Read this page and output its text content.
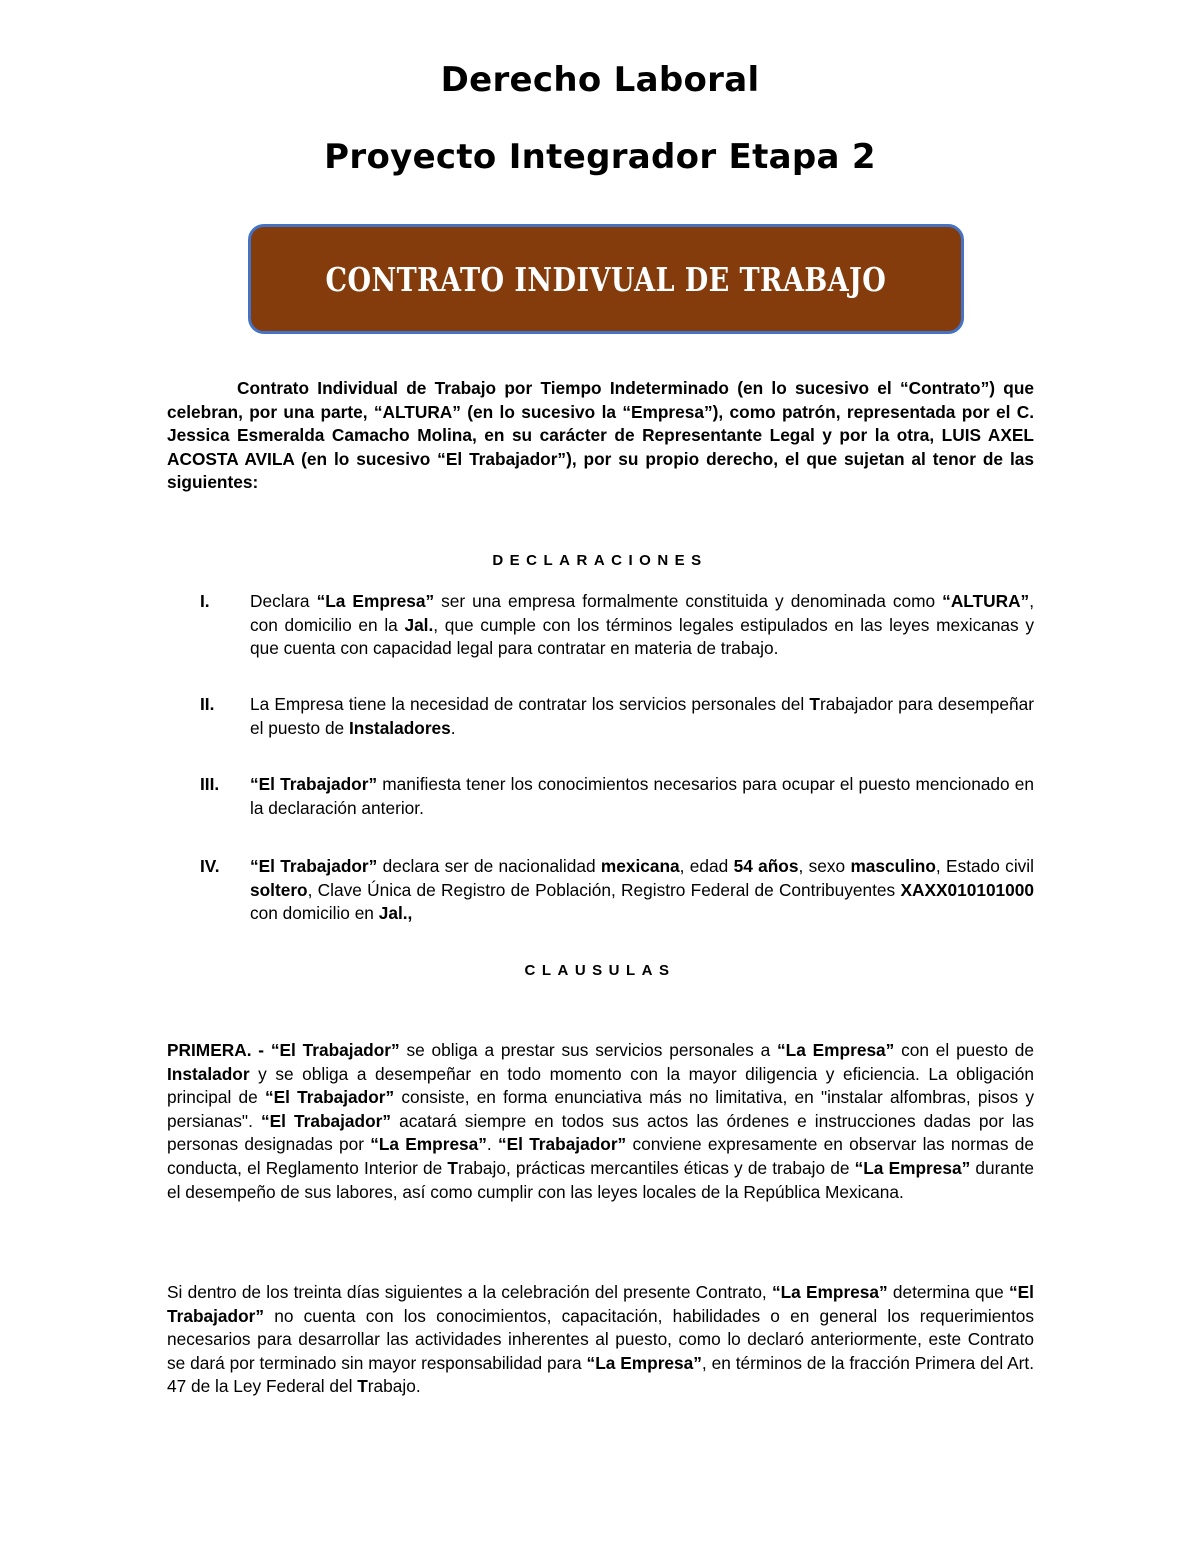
Derecho Laboral
Proyecto Integrador Etapa 2
CONTRATO INDIVUAL DE TRABAJO
Contrato Individual de Trabajo por Tiempo Indeterminado (en lo sucesivo el “Contrato”) que celebran, por una parte, “ALTURA” (en lo sucesivo la “Empresa”), como patrón, representada por el C. Jessica Esmeralda Camacho Molina, en su carácter de Representante Legal y por la otra, LUIS AXEL ACOSTA AVILA (en lo sucesivo “El Trabajador”), por su propio derecho, el que sujetan al tenor de las siguientes:
DECLARACIONES
I. Declara “La Empresa” ser una empresa formalmente constituida y denominada como “ALTURA”, con domicilio en la Jal., que cumple con los términos legales estipulados en las leyes mexicanas y que cuenta con capacidad legal para contratar en materia de trabajo.
II. La Empresa tiene la necesidad de contratar los servicios personales del Trabajador para desempeñar el puesto de Instaladores.
III. “El Trabajador” manifiesta tener los conocimientos necesarios para ocupar el puesto mencionado en la declaración anterior.
IV. “El Trabajador” declara ser de nacionalidad mexicana, edad 54 años, sexo masculino, Estado civil soltero, Clave Única de Registro de Población, Registro Federal de Contribuyentes XAXX010101000 con domicilio en Jal.,
CLAUSULAS
PRIMERA. - “El Trabajador” se obliga a prestar sus servicios personales a “La Empresa” con el puesto de Instalador y se obliga a desempeñar en todo momento con la mayor diligencia y eficiencia. La obligación principal de “El Trabajador” consiste, en forma enunciativa más no limitativa, en "instalar alfombras, pisos y persianas". “El Trabajador” acatará siempre en todos sus actos las órdenes e instrucciones dadas por las personas designadas por “La Empresa”. “El Trabajador” conviene expresamente en observar las normas de conducta, el Reglamento Interior de Trabajo, prácticas mercantiles éticas y de trabajo de “La Empresa” durante el desempeño de sus labores, así como cumplir con las leyes locales de la República Mexicana.
Si dentro de los treinta días siguientes a la celebración del presente Contrato, “La Empresa” determina que “El Trabajador” no cuenta con los conocimientos, capacitación, habilidades o en general los requerimientos necesarios para desarrollar las actividades inherentes al puesto, como lo declaró anteriormente, este Contrato se dará por terminado sin mayor responsabilidad para “La Empresa”, en términos de la fracción Primera del Art. 47 de la Ley Federal del Trabajo.
